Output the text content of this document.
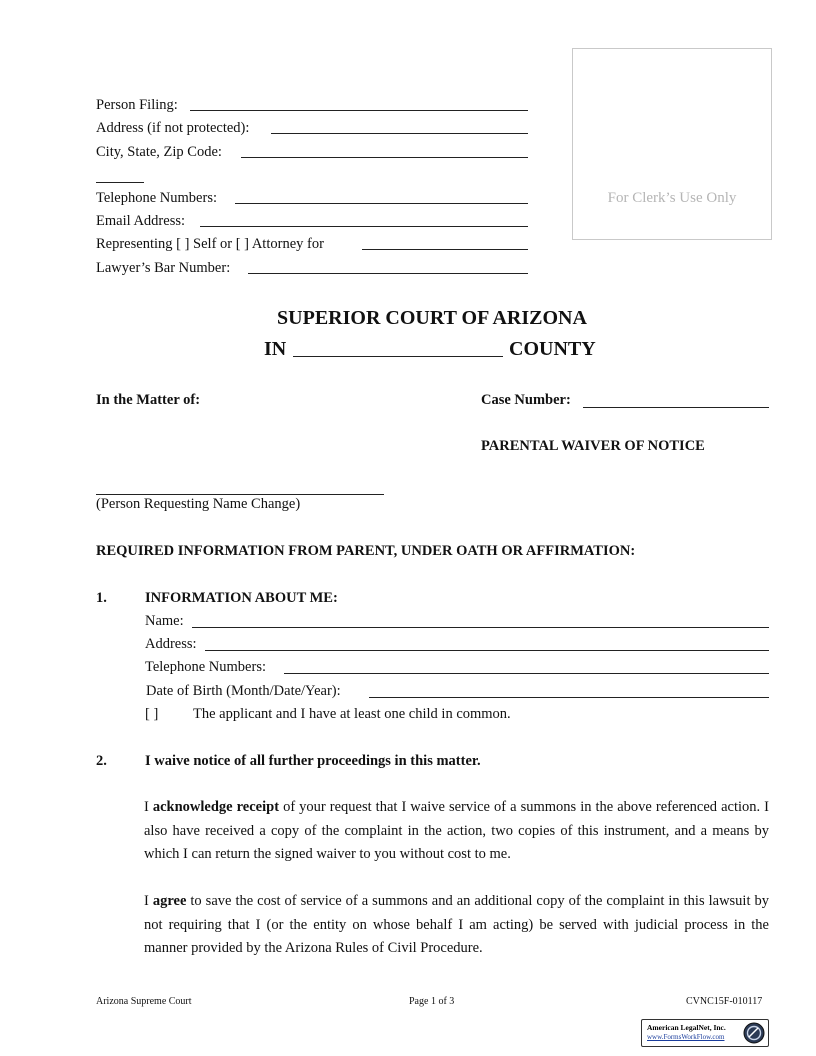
Person Filing:
Address (if not protected):
City, State, Zip Code:
Telephone Numbers:
Email Address:
Representing [ ] Self or [ ] Attorney for
Lawyer’s Bar Number:
For Clerk’s Use Only
SUPERIOR COURT OF ARIZONA
IN	COUNTY
In the Matter of:	Case Number:
PARENTAL WAIVER OF NOTICE
(Person Requesting Name Change)
REQUIRED INFORMATION FROM PARENT, UNDER OATH OR AFFIRMATION:
1.	INFORMATION ABOUT ME:
Name:
Address:
Telephone Numbers:
Date of Birth (Month/Date/Year):
[ ] The applicant and I have at least one child in common.
2.	I waive notice of all further proceedings in this matter.
I acknowledge receipt of your request that I waive service of a summons in the above referenced action. I also have received a copy of the complaint in the action, two copies of this instrument, and a means by which I can return the signed waiver to you without cost to me.
I agree to save the cost of service of a summons and an additional copy of the complaint in this lawsuit by not requiring that I (or the entity on whose behalf I am acting) be served with judicial process in the manner provided by the Arizona Rules of Civil Procedure.
Arizona Supreme Court	Page 1 of 3	CVNC15F-010117
American LegalNet, Inc.
www.FormsWorkFlow.com
